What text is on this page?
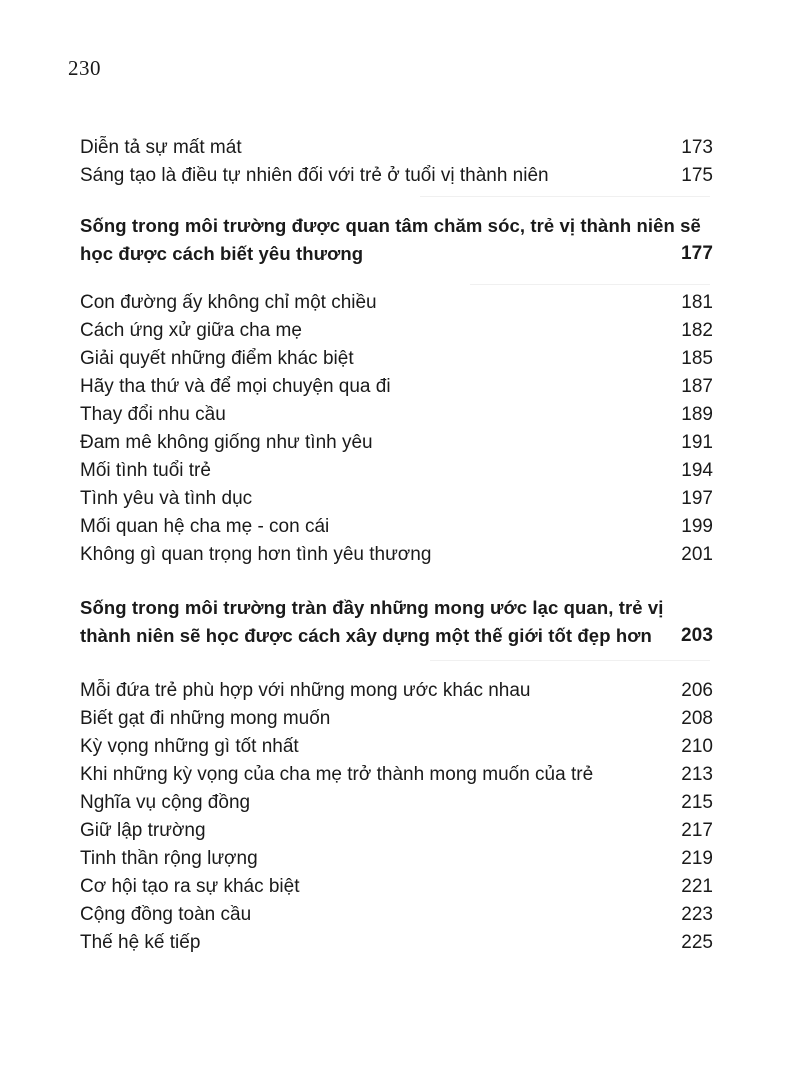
230
Diễn tả sự mất mát	173
Sáng tạo là điều tự nhiên đối với trẻ ở tuổi vị thành niên	175
Sống trong môi trường được quan tâm chăm sóc, trẻ vị thành niên sẽ
học được cách biết yêu thương	177
Con đường ấy không chỉ một chiều	181
Cách ứng xử giữa cha mẹ	182
Giải quyết những điểm khác biệt	185
Hãy tha thứ và để mọi chuyện qua đi	187
Thay đổi nhu cầu	189
Đam mê không giống như tình yêu	191
Mối tình tuổi trẻ	194
Tình yêu và tình dục	197
Mối quan hệ cha mẹ - con cái	199
Không gì quan trọng hơn tình yêu thương	201
Sống trong môi trường tràn đầy những mong ước lạc quan, trẻ vị
thành niên sẽ học được cách xây dựng một thế giới tốt đẹp hơn	203
Mỗi đứa trẻ phù hợp với những mong ước khác nhau	206
Biết gạt đi những mong muốn	208
Kỳ vọng những gì tốt nhất	210
Khi những kỳ vọng của cha mẹ trở thành mong muốn của trẻ	213
Nghĩa vụ cộng đồng	215
Giữ lập trường	217
Tinh thần rộng lượng	219
Cơ hội tạo ra sự khác biệt	221
Cộng đồng toàn cầu	223
Thế hệ kế tiếp	225
